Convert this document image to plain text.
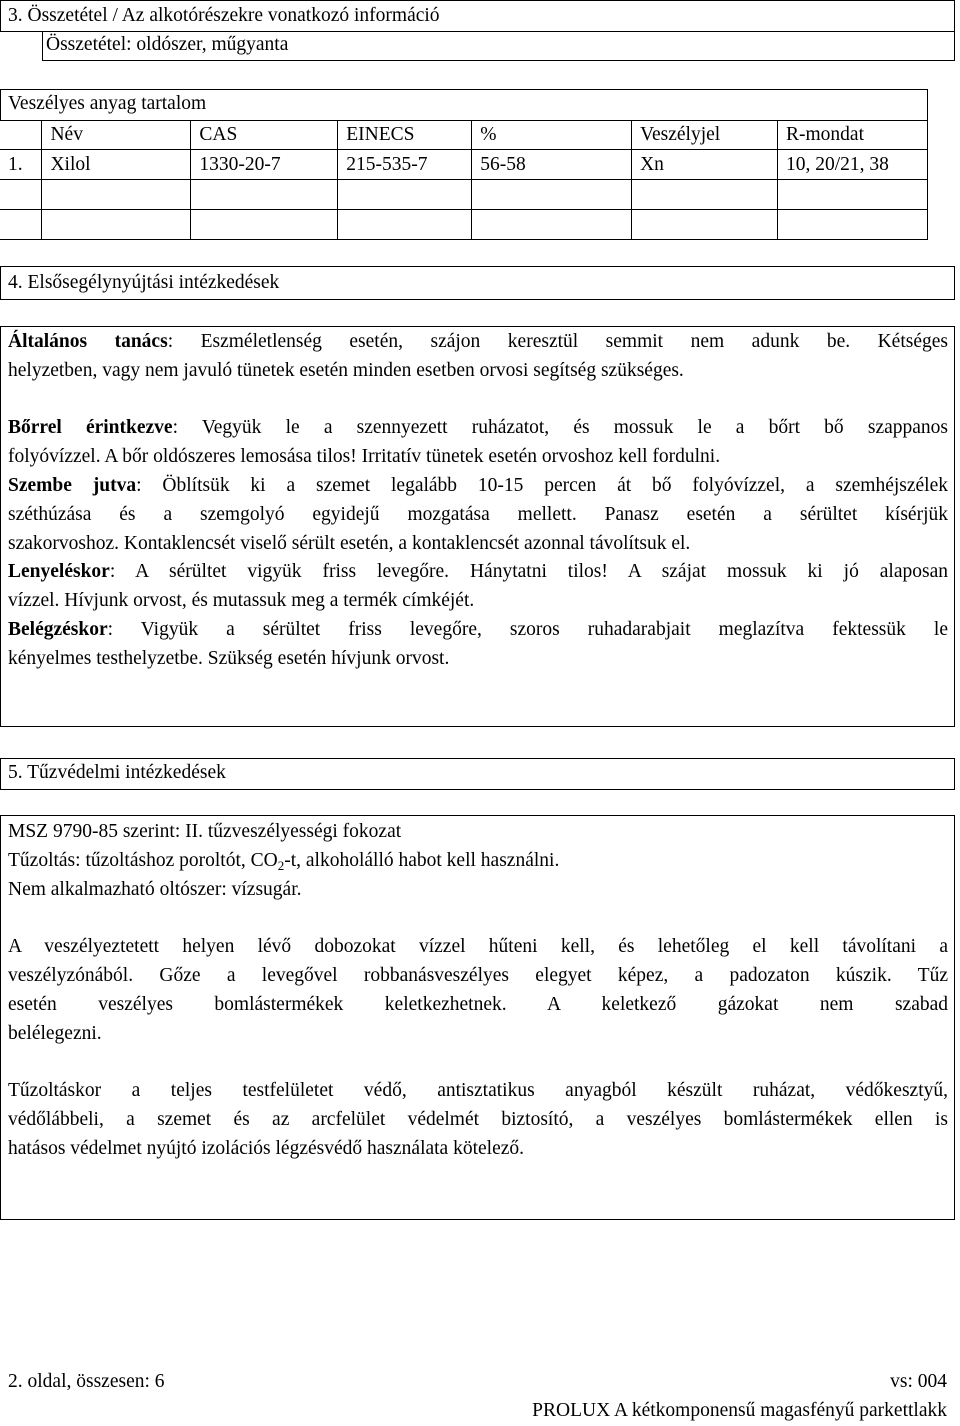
3. Összetétel / Az alkotórészekre vonatkozó információ
Összetétel: oldószer, műgyanta
Veszélyes anyag tartalom
	Név	CAS	EINECS	%	Veszélyjel	R-mondat
1.	Xilol	1330-20-7	215-535-7	56-58	Xn	10, 20/21, 38

4. Elsősegélynyújtási intézkedések
Általános tanács: Eszméletlenség esetén, szájon keresztül semmit nem adunk be. Kétséges
helyzetben, vagy nem javuló tünetek esetén minden esetben orvosi segítség szükséges.
Bőrrel érintkezve: Vegyük le a szennyezett ruházatot, és mossuk le a bőrt bő szappanos
folyóvízzel. A bőr oldószeres lemosása tilos! Irritatív tünetek esetén orvoshoz kell fordulni.
Szembe jutva: Öblítsük ki a szemet legalább 10-15 percen át bő folyóvízzel, a szemhéjszélek
széthúzása és a szemgolyó egyidejű mozgatása mellett. Panasz esetén a sérültet kísérjük
szakorvoshoz. Kontaklencsét viselő sérült esetén, a kontaklencsét azonnal távolítsuk el.
Lenyeléskor: A sérültet vigyük friss levegőre. Hánytatni tilos! A szájat mossuk ki jó alaposan
vízzel. Hívjunk orvost, és mutassuk meg a termék címkéjét.
Belégzéskor: Vigyük a sérültet friss levegőre, szoros ruhadarabjait meglazítva fektessük le
kényelmes testhelyzetbe. Szükség esetén hívjunk orvost.
5. Tűzvédelmi intézkedések
MSZ 9790-85 szerint: II. tűzveszélyességi fokozat
Tűzoltás: tűzoltáshoz poroltót, $CO_2-t$, alkoholálló habot kell használni.
Nem alkalmazható oltószer: vízsugár.
A veszélyeztetett helyen lévő dobozokat vízzel hűteni kell, és lehetőleg el kell távolítani a
veszélyzónából. Gőze a levegővel robbanásveszélyes elegyet képez, a padozaton kúszik. Tűz
esetén veszélyes bomlástermékek keletkezhetnek. A keletkező gázokat nem szabad
belélegezni.
Tűzoltáskor a teljes testfelületet védő, antisztatikus anyagból készült ruházat, védőkesztyű,
védőlábbeli, a szemet és az arcfelület védelmét biztosító, a veszélyes bomlástermékek ellen is
hatásos védelmet nyújtó izolációs légzésvédő használata kötelező.
2. oldal, összesen: 6	vs: 004
PROLUX A kétkomponensű magasfényű parkettlakk
